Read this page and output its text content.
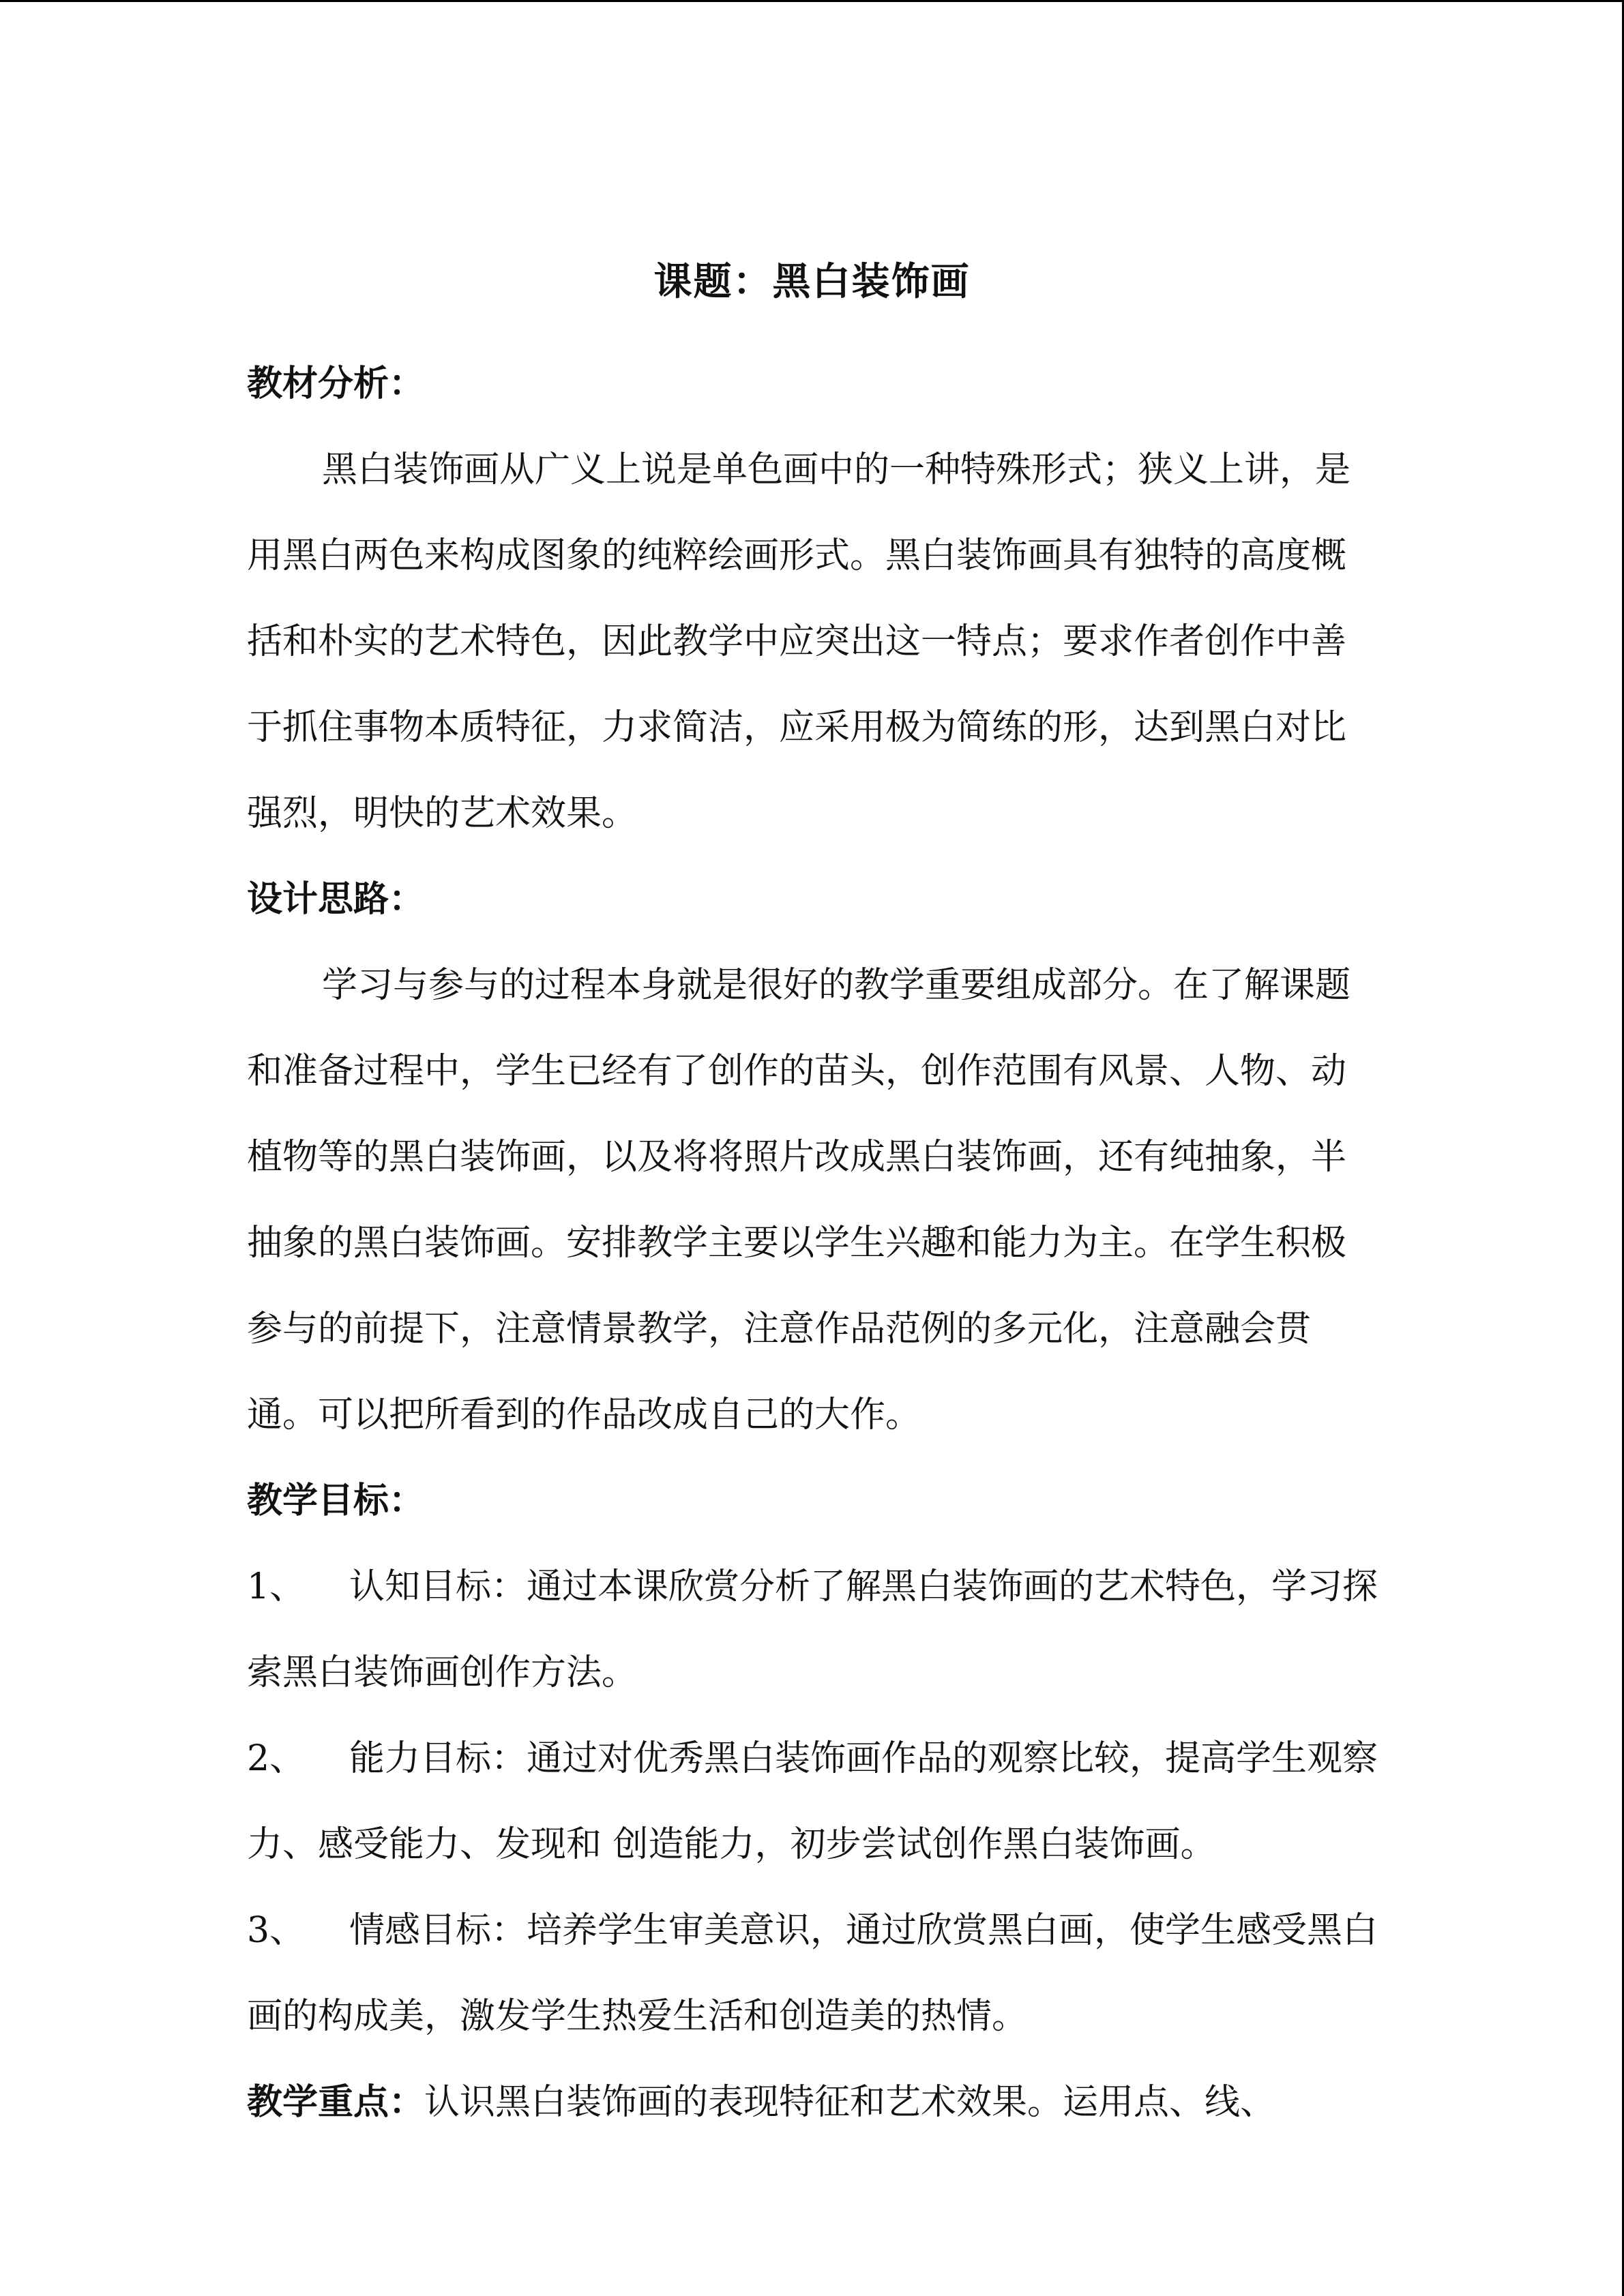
课题：黑白装饰画

教材分析：

黑白装饰画从广义上说是单色画中的一种特殊形式；狭义上讲，是用黑白两色来构成图象的纯粹绘画形式。黑白装饰画具有独特的高度概括和朴实的艺术特色，因此教学中应突出这一特点；要求作者创作中善于抓住事物本质特征，力求简洁，应采用极为简练的形，达到黑白对比强烈，明快的艺术效果。

设计思路：

学习与参与的过程本身就是很好的教学重要组成部分。在了解课题和准备过程中，学生已经有了创作的苗头，创作范围有风景、人物、动植物等的黑白装饰画，以及将将照片改成黑白装饰画，还有纯抽象，半抽象的黑白装饰画。安排教学主要以学生兴趣和能力为主。在学生积极参与的前提下，注意情景教学，注意作品范例的多元化，注意融会贯通。可以把所看到的作品改成自己的大作。

教学目标：

1、 认知目标：通过本课欣赏分析了解黑白装饰画的艺术特色，学习探索黑白装饰画创作方法。

2、 能力目标：通过对优秀黑白装饰画作品的观察比较，提高学生观察力、感受能力、发现和 创造能力，初步尝试创作黑白装饰画。

3、 情感目标：培养学生审美意识，通过欣赏黑白画，使学生感受黑白画的构成美，激发学生热爱生活和创造美的热情。

教学重点：认识黑白装饰画的表现特征和艺术效果。运用点、线、
